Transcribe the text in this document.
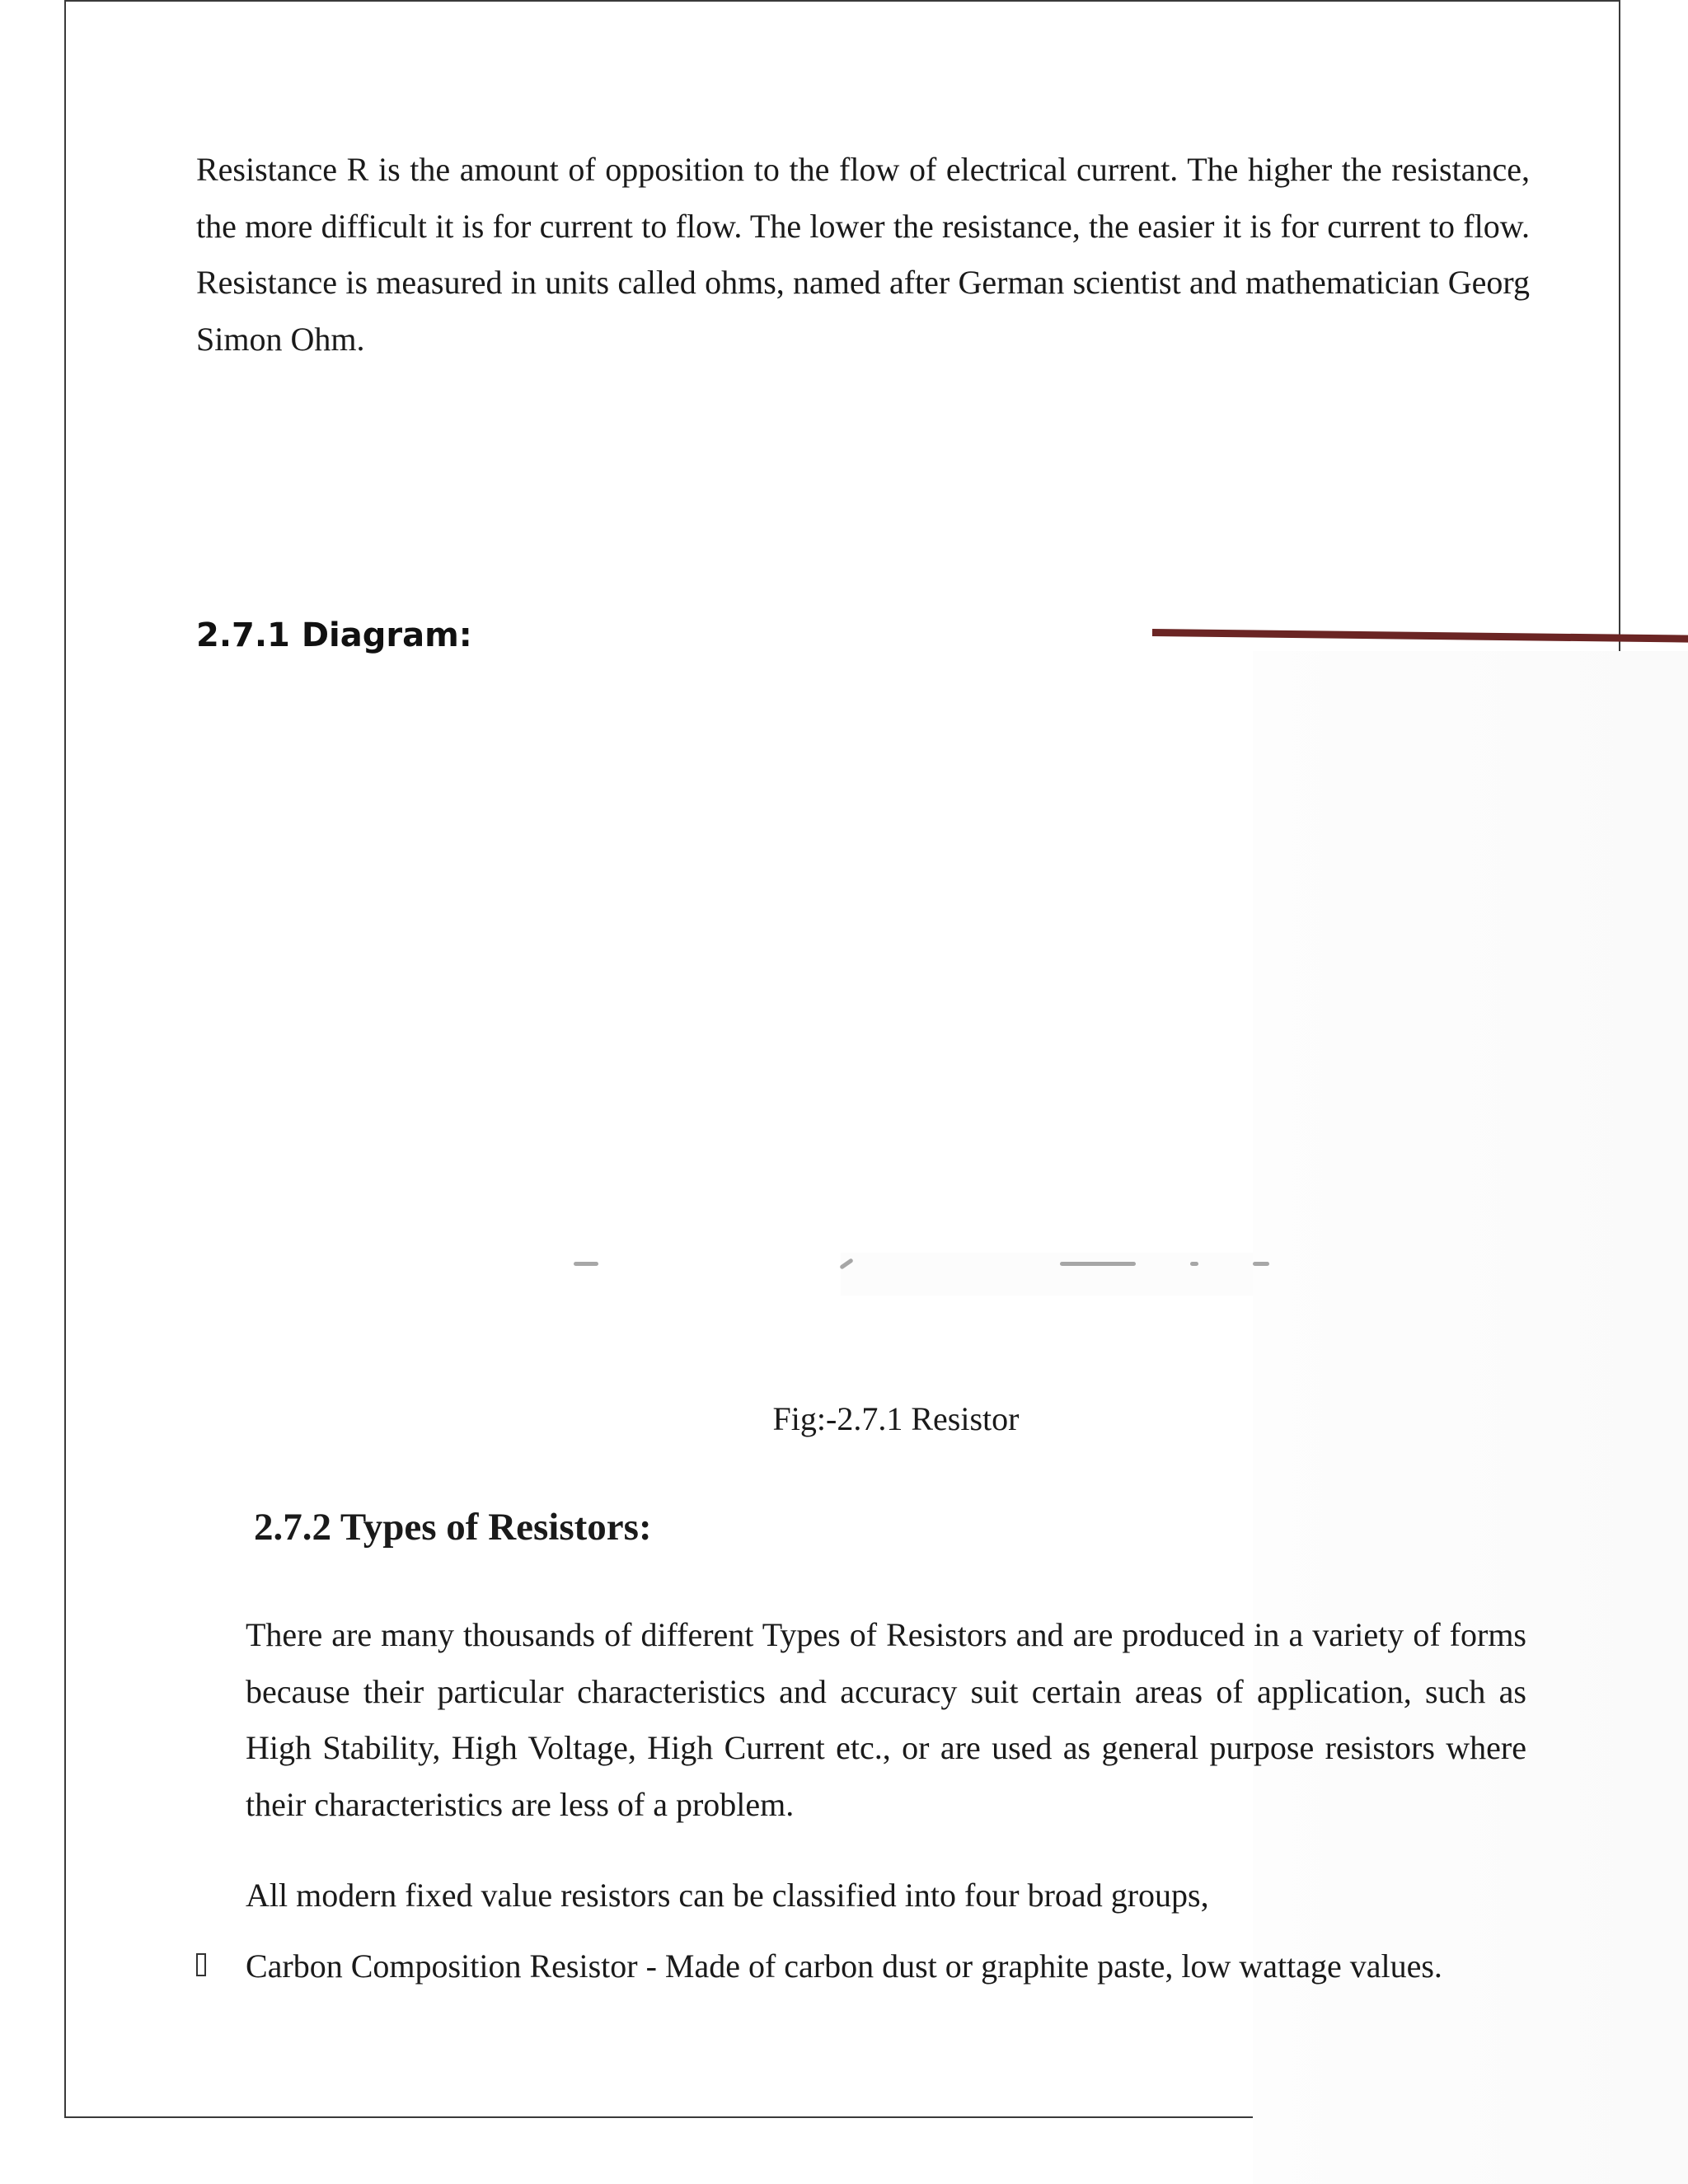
Resistance R is the amount of opposition to the flow of electrical current. The higher the resistance, the more difficult it is for current to flow. The lower the resistance, the easier it is for current to flow. Resistance is measured in units called ohms, named after German scientist and mathematician Georg Simon Ohm.

2.7.1 Diagram:

Fig:-2.7.1 Resistor

2.7.2 Types of Resistors:

There are many thousands of different Types of Resistors and are produced in a variety of forms because their particular characteristics and accuracy suit certain areas of application, such as High Stability, High Voltage, High Current etc., or are used as general purpose resistors where their characteristics are less of a problem.

All modern fixed value resistors can be classified into four broad groups,

Carbon Composition Resistor - Made of carbon dust or graphite paste, low wattage values.
